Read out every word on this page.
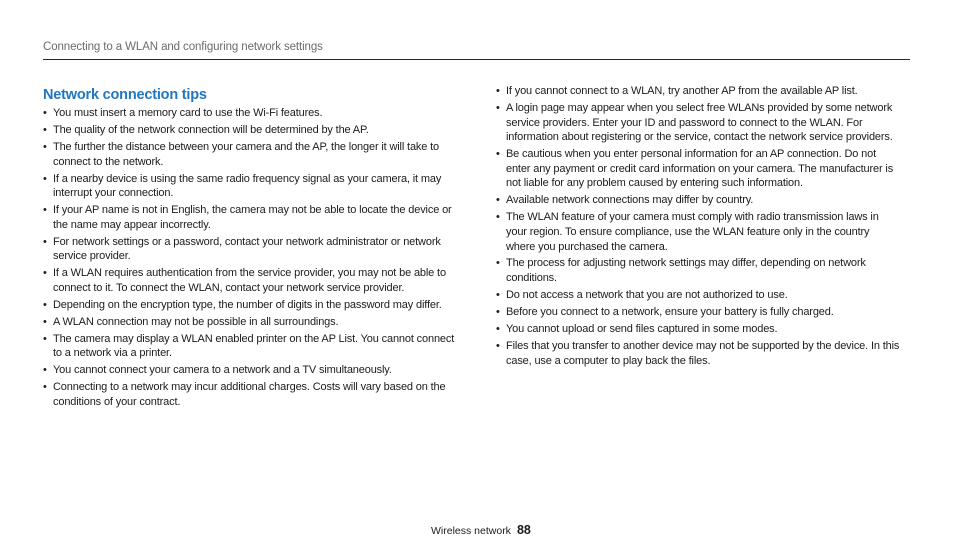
Connecting to a WLAN and configuring network settings
Network connection tips
• You must insert a memory card to use the Wi-Fi features.
• The quality of the network connection will be determined by the AP.
• The further the distance between your camera and the AP, the longer it will take to connect to the network.
• If a nearby device is using the same radio frequency signal as your camera, it may interrupt your connection.
• If your AP name is not in English, the camera may not be able to locate the device or the name may appear incorrectly.
• For network settings or a password, contact your network administrator or network service provider.
• If a WLAN requires authentication from the service provider, you may not be able to connect to it. To connect the WLAN, contact your network service provider.
• Depending on the encryption type, the number of digits in the password may differ.
• A WLAN connection may not be possible in all surroundings.
• The camera may display a WLAN enabled printer on the AP List. You cannot connect to a network via a printer.
• You cannot connect your camera to a network and a TV simultaneously.
• Connecting to a network may incur additional charges. Costs will vary based on the conditions of your contract.
• If you cannot connect to a WLAN, try another AP from the available AP list.
• A login page may appear when you select free WLANs provided by some network service providers. Enter your ID and password to connect to the WLAN. For information about registering or the service, contact the network service providers.
• Be cautious when you enter personal information for an AP connection. Do not enter any payment or credit card information on your camera. The manufacturer is not liable for any problem caused by entering such information.
• Available network connections may differ by country.
• The WLAN feature of your camera must comply with radio transmission laws in your region. To ensure compliance, use the WLAN feature only in the country where you purchased the camera.
• The process for adjusting network settings may differ, depending on network conditions.
• Do not access a network that you are not authorized to use.
• Before you connect to a network, ensure your battery is fully charged.
• You cannot upload or send files captured in some modes.
• Files that you transfer to another device may not be supported by the device. In this case, use a computer to play back the files.
Wireless network 88
